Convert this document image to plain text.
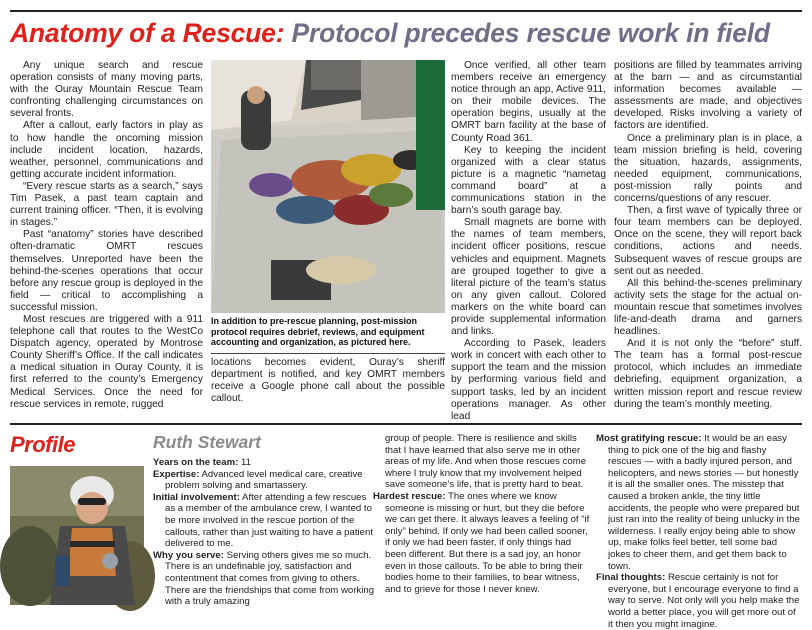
Anatomy of a Rescue: Protocol precedes rescue work in field

Any unique search and rescue operation consists of many moving parts, with the Ouray Mountain Rescue Team confronting challenging circumstances on several fronts.

After a callout, early factors in play as to how handle the oncoming mission include incident location, hazards, weather, personnel, communications and getting accurate incident information.

“Every rescue starts as a search,” says Tim Pasek, a past team captain and current training officer. “Then, it is evolving in stages.”

Past “anatomy” stories have described often-dramatic OMRT rescues themselves. Unreported have been the behind-the-scenes operations that occur before any rescue group is deployed in the field — critical to accomplishing a successful mission.

Most rescues are triggered with a 911 telephone call that routes to the WestCo Dispatch agency, operated by Montrose County Sheriff’s Office. If the call indicates a medical situation in Ouray County, it is first referred to the county’s Emergency Medical Services. Once the need for rescue services in remote, rugged

In addition to pre-rescue planning, post-mission protocol requires debrief, reviews, and equipment accounting and organization, as pictured here.

locations becomes evident, Ouray’s sheriff department is notified, and key OMRT members receive a Google phone call about the possible callout.

Once verified, all other team members receive an emergency notice through an app, Active 911, on their mobile devices. The operation begins, usually at the OMRT barn facility at the base of County Road 361.

Key to keeping the incident organized with a clear status picture is a magnetic “nametag command board” at a communications station in the barn’s south garage bay.

Small magnets are borne with the names of team members, incident officer positions, rescue vehicles and equipment. Magnets are grouped together to give a literal picture of the team’s status on any given callout. Colored markers on the white board can provide supplemental information and links.

According to Pasek, leaders work in concert with each other to support the team and the mission by performing various field and support tasks, led by an incident operations manager. As other lead

positions are filled by teammates arriving at the barn — and as circumstantial information becomes available — assessments are made, and objectives developed. Risks involving a variety of factors are identified.

Once a preliminary plan is in place, a team mission briefing is held, covering the situation, hazards, assignments, needed equipment, communications, post-mission rally points and concerns/questions of any rescuer.

Then, a first wave of typically three or four team members can be deployed. Once on the scene, they will report back conditions, actions and needs. Subsequent waves of rescue groups are sent out as needed.

All this behind-the-scenes preliminary activity sets the stage for the actual on-mountain rescue that sometimes involves life-and-death drama and garners headlines.

And it is not only the “before” stuff. The team has a formal post-rescue protocol, which includes an immediate debriefing, equipment organization, a written mission report and rescue review during the team’s monthly meeting.

Profile	Ruth Stewart

Years on the team: 11

Expertise: Advanced level medical care, creative problem solving and smartassery.

Initial involvement: After attending a few rescues as a member of the ambulance crew, I wanted to be more involved in the rescue portion of the callouts, rather than just waiting to have a patient delivered to me.

Why you serve: Serving others gives me so much. There is an undefinable joy, satisfaction and contentment that comes from giving to others. There are the friendships that come from working with a truly amazing

group of people. There is resilience and skills that I have learned that also serve me in other areas of my life. And when those rescues come where I truly know that my involvement helped save someone’s life, that is pretty hard to beat.

Hardest rescue: The ones where we know someone is missing or hurt, but they die before we can get there. It always leaves a feeling of “if only” behind. If only we had been called sooner, if only we had been faster, if only things had been different. But there is a sad joy, an honor even in those callouts. To be able to bring their bodies home to their families, to bear witness, and to grieve for those I never knew.

Most gratifying rescue: It would be an easy thing to pick one of the big and flashy rescues — with a badly injured person, and helicopters, and news stories — but honestly it is all the smaller ones. The misstep that caused a broken ankle, the tiny little accidents, the people who were prepared but just ran into the reality of being unlucky in the wilderness. I really enjoy being able to show up, make folks feel better, tell some bad jokes to cheer them, and get them back to town.

Final thoughts: Rescue certainly is not for everyone, but I encourage everyone to find a way to serve. Not only will you help make the world a better place, you will get more out of it then you might imagine.
